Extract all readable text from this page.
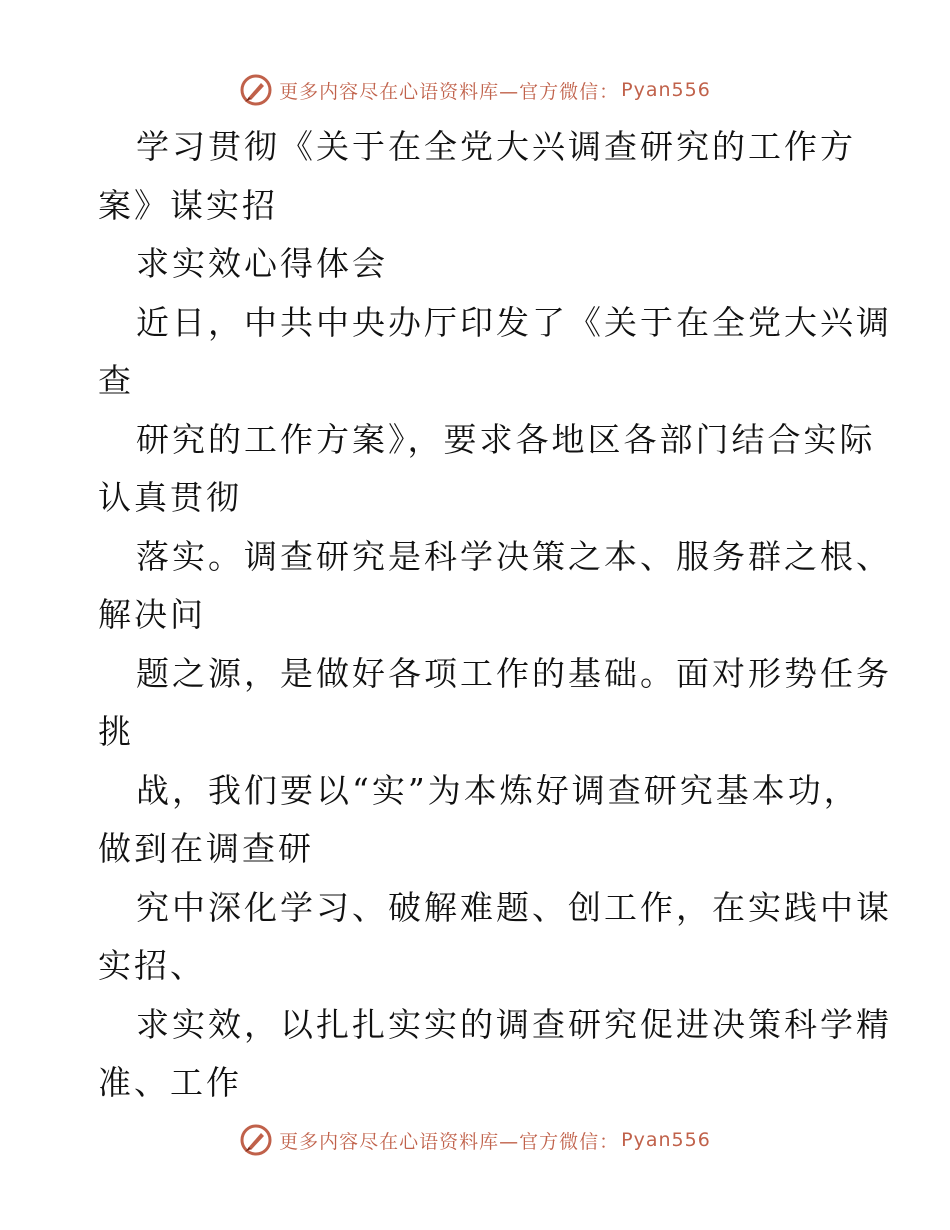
更多内容尽在心语资料库—官方微信： Pyan556
学习贯彻《关于在全党大兴调查研究的工作方
案》谋实招
求实效心得体会
近日，中共中央办厅印发了《关于在全党大兴调
查
研究的工作方案》，要求各地区各部门结合实际
认真贯彻
落实。调查研究是科学决策之本、服务群之根、
解决问
题之源，是做好各项工作的基础。面对形势任务
挑
战，我们要以“实”为本炼好调查研究基本功，
做到在调查研
究中深化学习、破解难题、创工作，在实践中谋
实招、
求实效，以扎扎实实的调查研究促进决策科学精
准、工作
更多内容尽在心语资料库—官方微信： Pyan556
